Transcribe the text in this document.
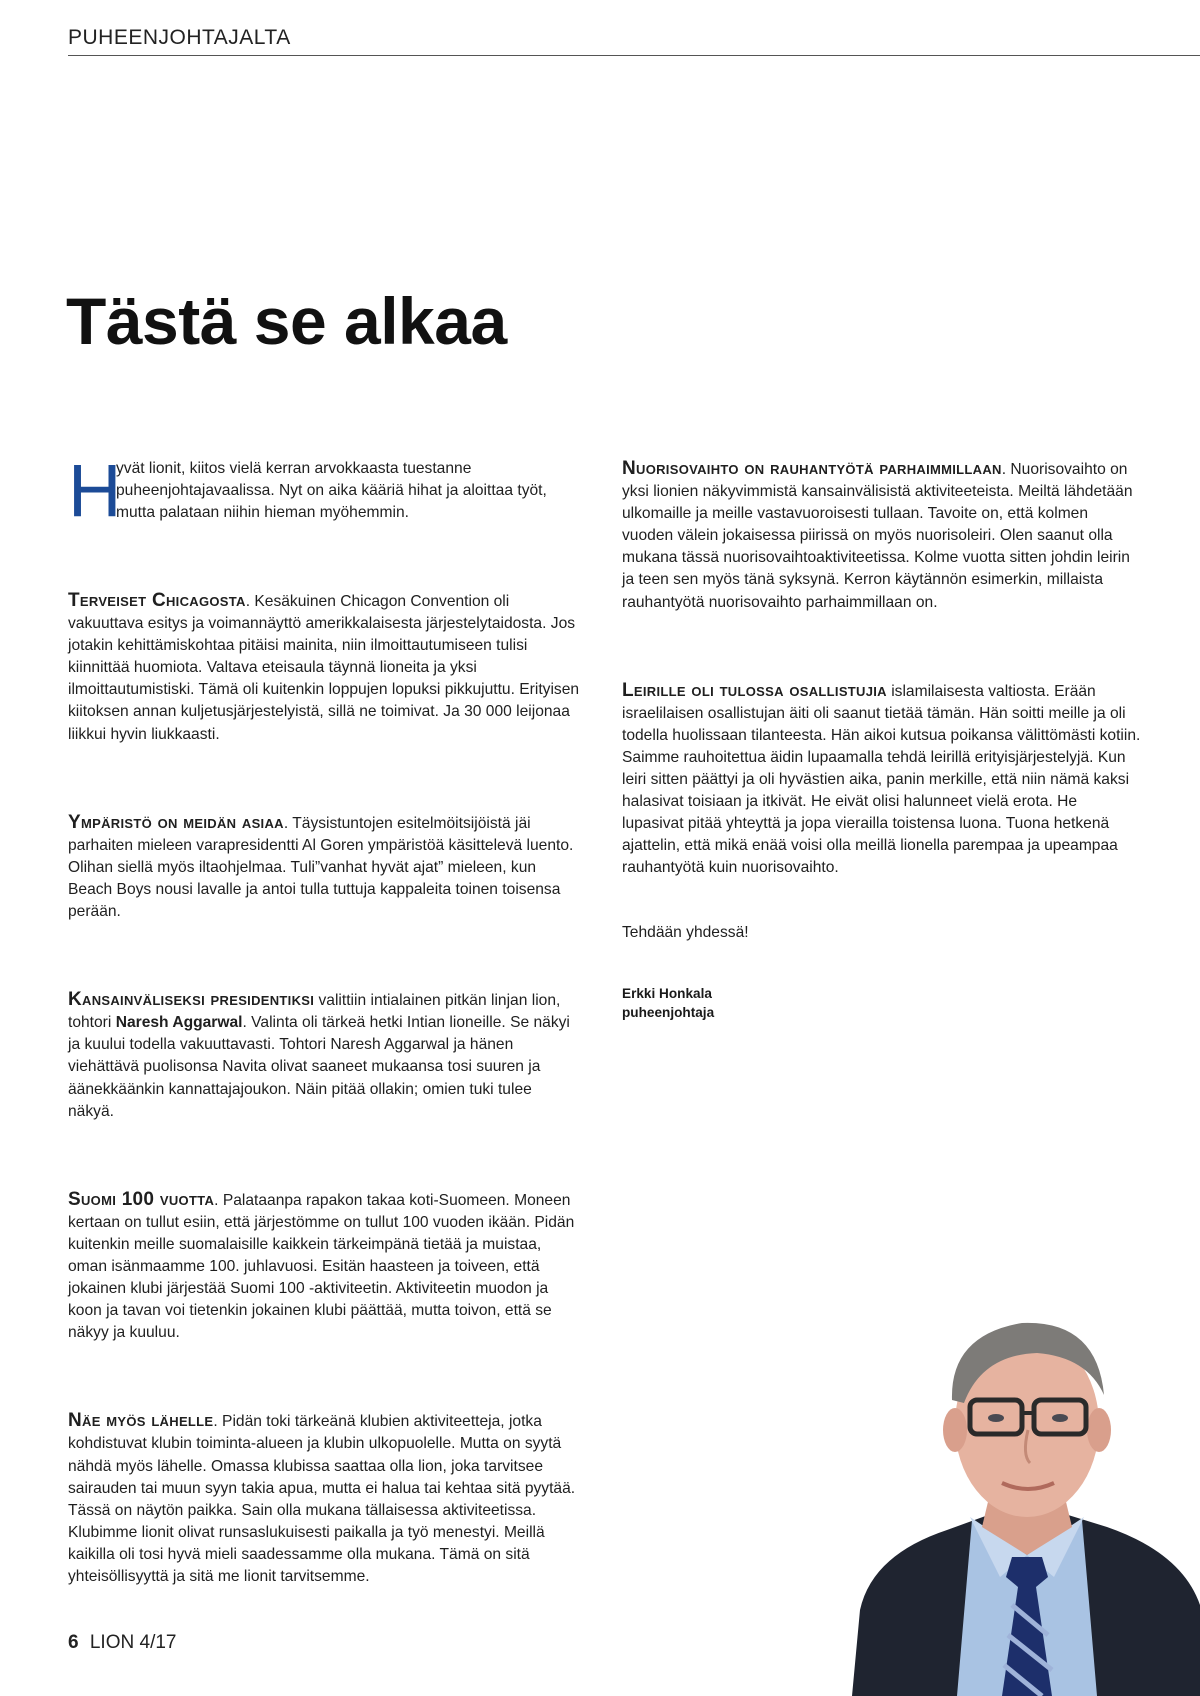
PUHEENJOHTAJALTA
Tästä se alkaa
H

yvät lionit, kiitos vielä kerran arvokkaasta tuestanne puheenjohtajavaalissa. Nyt on aika kääriä hihat ja aloittaa työt, mutta palataan niihin hieman myöhemmin.

Terveiset Chicagosta. Kesäkuinen Chicagon Convention oli vakuuttava esitys ja voimannäyttö amerikkalaisesta järjestelytaidosta. Jos jotakin kehittämiskohtaa pitäisi mainita, niin ilmoittautumiseen tulisi kiinnittää huomiota. Valtava eteisaula täynnä lioneita ja yksi ilmoittautumistiski. Tämä oli kuitenkin loppujen lopuksi pikkujuttu. Erityisen kiitoksen annan kuljetusjärjestelyistä, sillä ne toimivat. Ja 30 000 leijonaa liikkui hyvin liukkaasti.

Ympäristö on meidän asiaa. Täysistuntojen esitelmöitsijöistä jäi parhaiten mieleen varapresidentti Al Goren ympäristöä käsittelevä luento. Olihan siellä myös iltaohjelmaa. Tuli”vanhat hyvät ajat” mieleen, kun Beach Boys nousi lavalle ja antoi tulla tuttuja kappaleita toinen toisensa perään.

Kansainväliseksi presidentiksi valittiin intialainen pitkän linjan lion, tohtori Naresh Aggarwal. Valinta oli tärkeä hetki Intian lioneille. Se näkyi ja kuului todella vakuuttavasti. Tohtori Naresh Aggarwal ja hänen viehättävä puolisonsa Navita olivat saaneet mukaansa tosi suuren ja äänekkäänkin kannattajajoukon. Näin pitää ollakin; omien tuki tulee näkyä.

Suomi 100 vuotta. Palataanpa rapakon takaa koti-Suomeen. Moneen kertaan on tullut esiin, että järjestömme on tullut 100 vuoden ikään. Pidän kuitenkin meille suomalaisille kaikkein tärkeimpänä tietää ja muistaa, oman isänmaamme 100. juhlavuosi. Esitän haasteen ja toiveen, että jokainen klubi järjestää Suomi 100 -aktiviteetin. Aktiviteetin muodon ja koon ja tavan voi tietenkin jokainen klubi päättää, mutta toivon, että se näkyy ja kuuluu.

Näe myös lähelle. Pidän toki tärkeänä klubien aktiviteetteja, jotka kohdistuvat klubin toiminta-alueen ja klubin ulkopuolelle. Mutta on syytä nähdä myös lähelle. Omassa klubissa saattaa olla lion, joka tarvitsee sairauden tai muun syyn takia apua, mutta ei halua tai kehtaa sitä pyytää. Tässä on näytön paikka. Sain olla mukana tällaisessa aktiviteetissa. Klubimme lionit olivat runsaslukuisesti paikalla ja työ menestyi. Meillä kaikilla oli tosi hyvä mieli saadessamme olla mukana. Tämä on sitä yhteisöllisyyttä ja sitä me lionit tarvitsemme.

Nuorisovaihto on rauhantyötä parhaimmillaan. Nuorisovaihto on yksi lionien näkyvimmistä kansainvälisistä aktiviteeteista. Meiltä lähdetään ulkomaille ja meille vastavuoroisesti tullaan. Tavoite on, että kolmen vuoden välein jokaisessa piirissä on myös nuorisoleiri. Olen saanut olla mukana tässä nuorisovaihtoaktiviteetissa. Kolme vuotta sitten johdin leirin ja teen sen myös tänä syksynä. Kerron käytännön esimerkin, millaista rauhantyötä nuorisovaihto parhaimmillaan on.

Leirille oli tulossa osallistujia islamilaisesta valtiosta. Erään israelilaisen osallistujan äiti oli saanut tietää tämän. Hän soitti meille ja oli todella huolissaan tilanteesta. Hän aikoi kutsua poikansa välittömästi kotiin. Saimme rauhoitettua äidin lupaamalla tehdä leirillä erityisjärjestelyjä. Kun leiri sitten päättyi ja oli hyvästien aika, panin merkille, että niin nämä kaksi halasivat toisiaan ja itkivät. He eivät olisi halunneet vielä erota. He lupasivat pitää yhteyttä ja jopa vierailla toistensa luona. Tuona hetkenä ajattelin, että mikä enää voisi olla meillä lionella parempaa ja upeampaa rauhantyötä kuin nuorisovaihto.

Tehdään yhdessä!

Erkki Honkala

puheenjohtaja

6 LION 4/17
